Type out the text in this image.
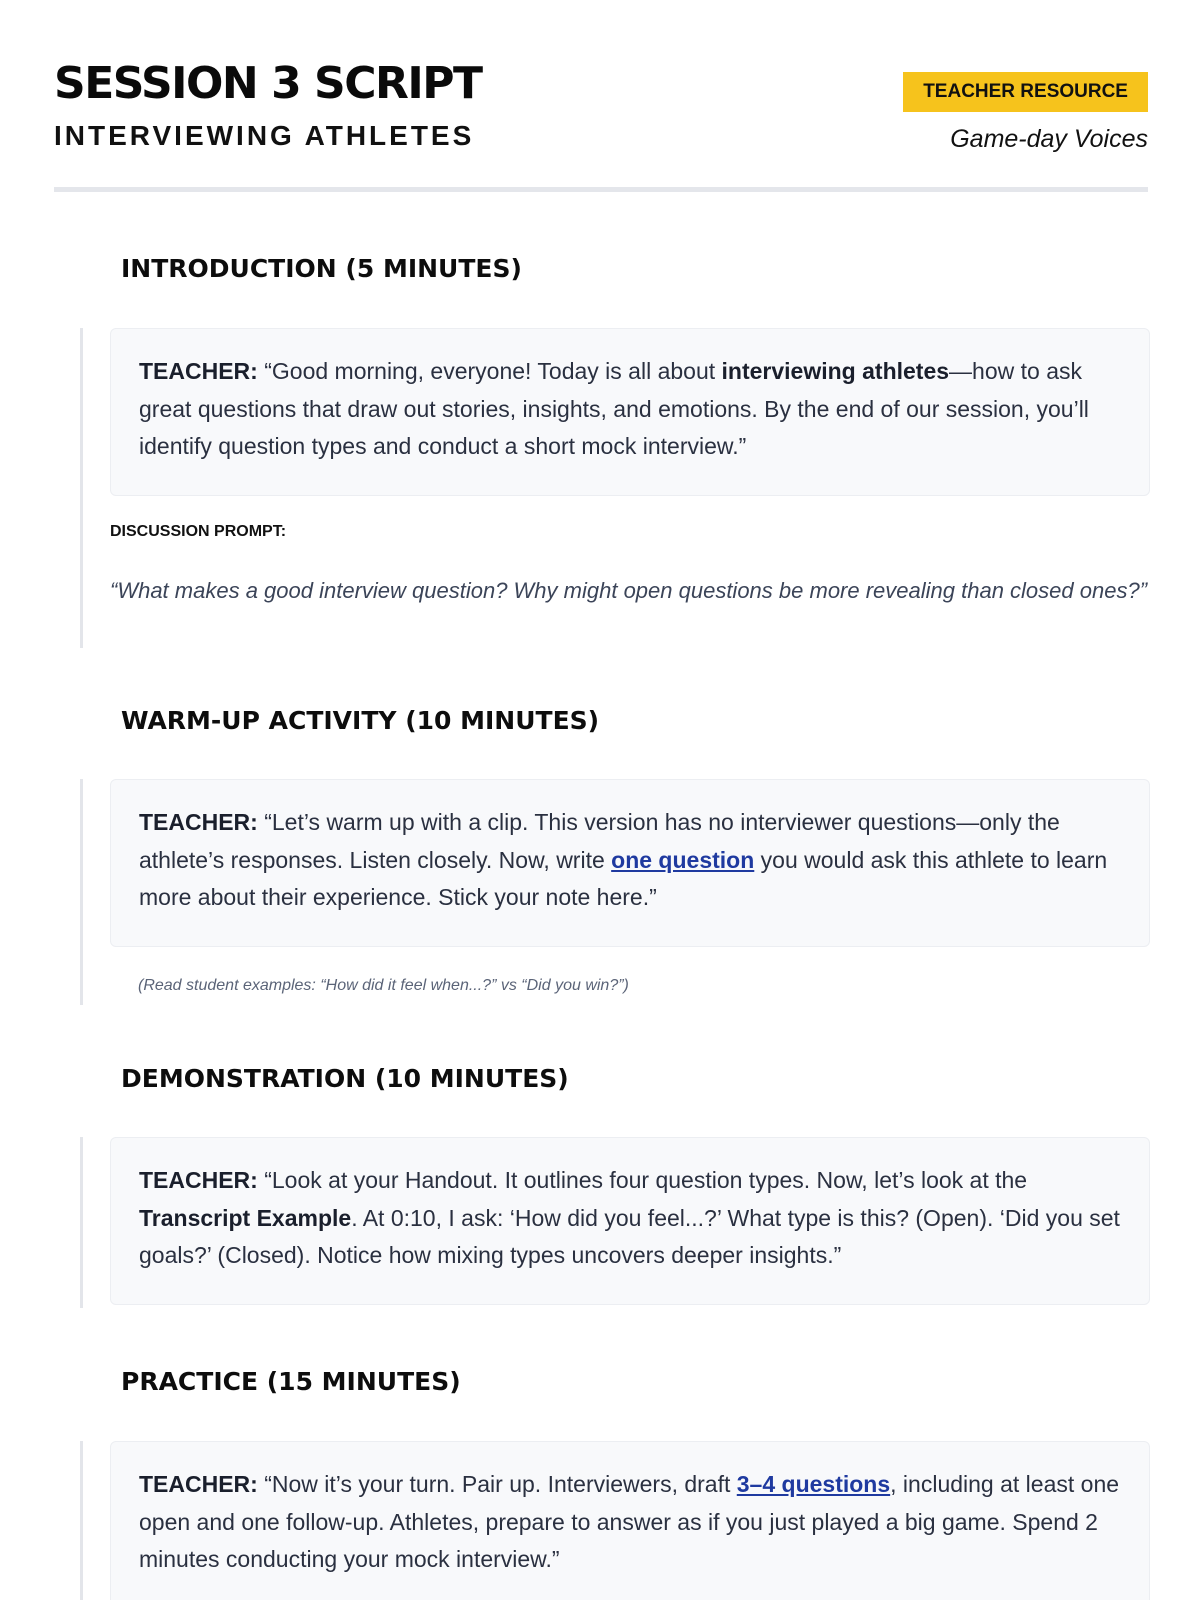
SESSION 3 SCRIPT
INTERVIEWING ATHLETES
TEACHER RESOURCE
Game-day Voices
INTRODUCTION (5 MINUTES)
TEACHER: “Good morning, everyone! Today is all about interviewing athletes—how to ask great questions that draw out stories, insights, and emotions. By the end of our session, you’ll identify question types and conduct a short mock interview.”
DISCUSSION PROMPT:
“What makes a good interview question? Why might open questions be more revealing than closed ones?”
WARM-UP ACTIVITY (10 MINUTES)
TEACHER: “Let’s warm up with a clip. This version has no interviewer questions—only the athlete’s responses. Listen closely. Now, write one question you would ask this athlete to learn more about their experience. Stick your note here.”
(Read student examples: “How did it feel when...?” vs “Did you win?”)
DEMONSTRATION (10 MINUTES)
TEACHER: “Look at your Handout. It outlines four question types. Now, let’s look at the Transcript Example. At 0:10, I ask: ‘How did you feel...?’ What type is this? (Open). ‘Did you set goals?’ (Closed). Notice how mixing types uncovers deeper insights.”
PRACTICE (15 MINUTES)
TEACHER: “Now it’s your turn. Pair up. Interviewers, draft 3–4 questions, including at least one open and one follow-up. Athletes, prepare to answer as if you just played a big game. Spend 2 minutes conducting your mock interview.”
